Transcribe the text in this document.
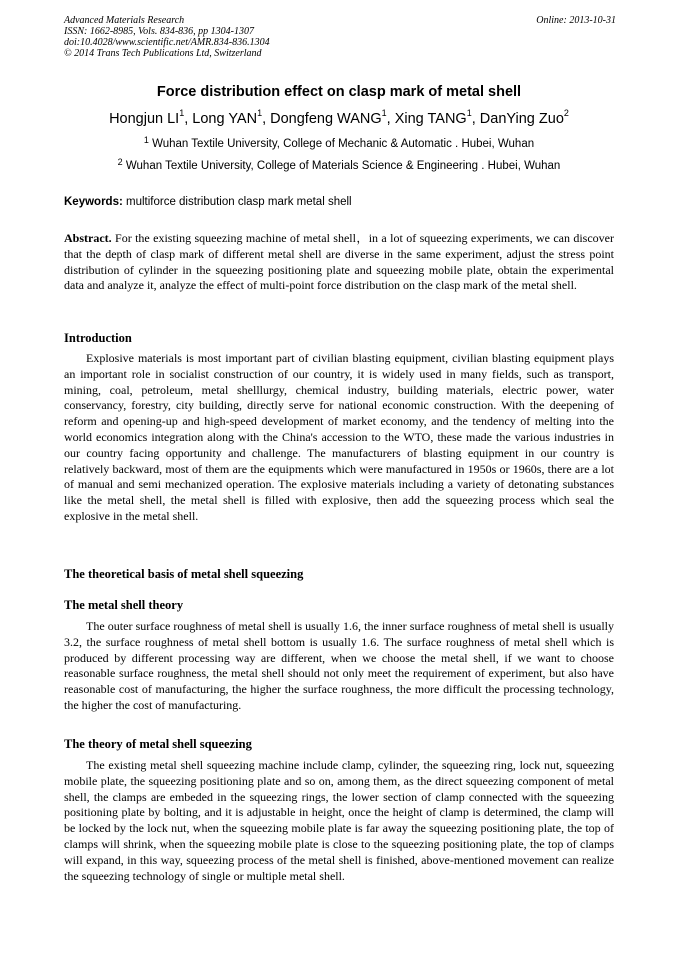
Advanced Materials Research
ISSN: 1662-8985, Vols. 834-836, pp 1304-1307
doi:10.4028/www.scientific.net/AMR.834-836.1304
© 2014 Trans Tech Publications Ltd, Switzerland
Online: 2013-10-31
Force distribution effect on clasp mark of metal shell
Hongjun $LI^1$, Long YAN$^1$, Dongfeng WANG$^1$, Xing TANG$^1$, DanYing Zuo$^2$
$^1$ Wuhan Textile University, College of Mechanic & Automatic . Hubei, Wuhan
$^2$ Wuhan Textile University, College of Materials Science & Engineering . Hubei, Wuhan
Keywords: multiforce distribution clasp mark metal shell
Abstract. For the existing squeezing machine of metal shell，in a lot of squeezing experiments, we can discover that the depth of clasp mark of different metal shell are diverse in the same experiment, adjust the stress point distribution of cylinder in the squeezing positioning plate and squeezing mobile plate, obtain the experimental data and analyze it, analyze the effect of multi-point force distribution on the clasp mark of the metal shell.
Introduction
Explosive materials is most important part of civilian blasting equipment, civilian blasting equipment plays an important role in socialist construction of our country, it is widely used in many fields, such as transport, mining, coal, petroleum, metal shelllurgy, chemical industry, building materials, electric power, water conservancy, forestry, city building, directly serve for national economic construction. With the deepening of reform and opening-up and high-speed development of market economy, and the tendency of melting into the world economics integration along with the China's accession to the WTO, these made the various industries in our country facing opportunity and challenge. The manufacturers of blasting equipment in our country is relatively backward, most of them are the equipments which were manufactured in 1950s or 1960s, there are a lot of manual and semi mechanized operation. The explosive materials including a variety of detonating substances like the metal shell, the metal shell is filled with explosive, then add the squeezing process which seal the explosive in the metal shell.
The theoretical basis of metal shell squeezing
The metal shell theory
The outer surface roughness of metal shell is usually 1.6, the inner surface roughness of metal shell is usually 3.2, the surface roughness of metal shell bottom is usually 1.6. The surface roughness of metal shell which is produced by different processing way are different, when we choose the metal shell, if we want to choose reasonable surface roughness, the metal shell should not only meet the requirement of experiment, but also have reasonable cost of manufacturing, the higher the surface roughness, the more difficult the processing technology, the higher the cost of manufacturing.
The theory of metal shell squeezing
The existing metal shell squeezing machine include clamp, cylinder, the squeezing ring, lock nut, squeezing mobile plate, the squeezing positioning plate and so on, among them, as the direct squeezing component of metal shell, the clamps are embeded in the squeezing rings, the lower section of clamp connected with the squeezing positioning plate by bolting, and it is adjustable in height, once the height of clamp is determined, the clamp will be locked by the lock nut, when the squeezing mobile plate is far away the squeezing positioning plate, the top of clamps will shrink, when the squeezing mobile plate is close to the squeezing positioning plate, the top of clamps will expand, in this way, squeezing process of the metal shell is finished, above-mentioned movement can realize the squeezing technology of single or multiple metal shell.
